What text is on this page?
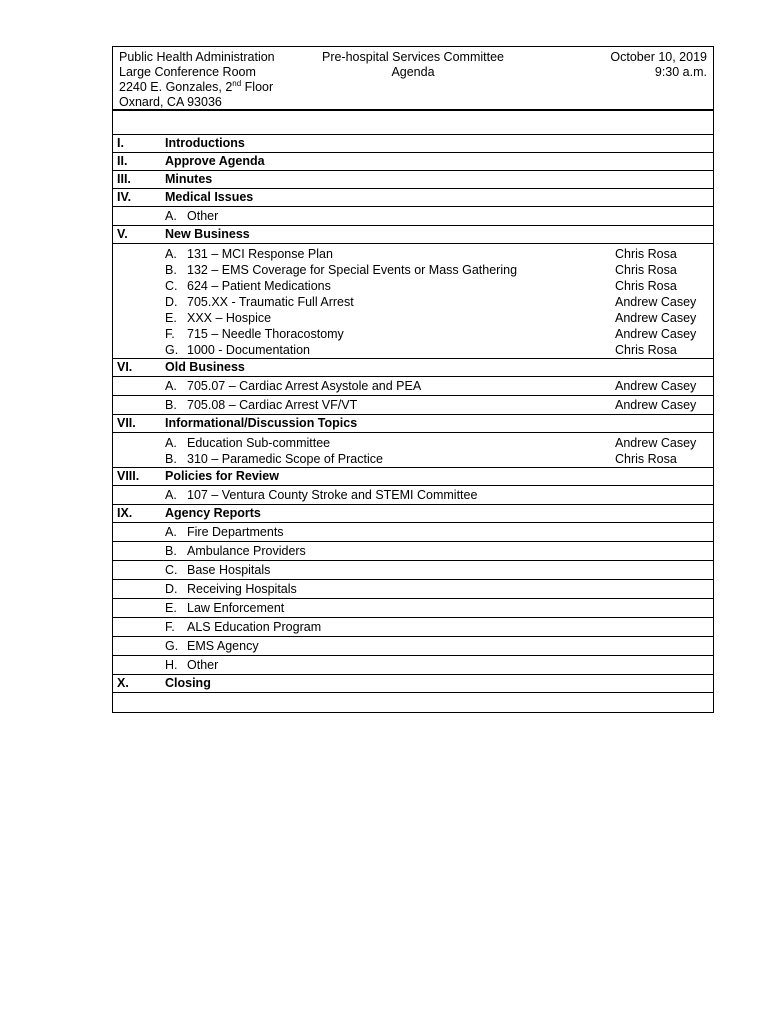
Public Health Administration
Large Conference Room
2240 E. Gonzales, 2nd Floor
Oxnard, CA 93036
Pre-hospital Services Committee
Agenda
October 10, 2019
9:30 a.m.
I.	Introductions
II.	Approve Agenda
III.	Minutes
IV.	Medical Issues
A. Other
V.	New Business
A. 131 – MCI Response Plan	Chris Rosa
B. 132 – EMS Coverage for Special Events or Mass Gathering	Chris Rosa
C. 624 – Patient Medications	Chris Rosa
D. 705.XX - Traumatic Full Arrest	Andrew Casey
E. XXX – Hospice	Andrew Casey
F. 715 – Needle Thoracostomy	Andrew Casey
G. 1000 - Documentation	Chris Rosa
VI.	Old Business
A. 705.07 – Cardiac Arrest Asystole and PEA	Andrew Casey
B. 705.08 – Cardiac Arrest VF/VT	Andrew Casey
VII.	Informational/Discussion Topics
A. Education Sub-committee	Andrew Casey
B. 310 – Paramedic Scope of Practice	Chris Rosa
VIII.	Policies for Review
A. 107 – Ventura County Stroke and STEMI Committee
IX.	Agency Reports
A. Fire Departments
B. Ambulance Providers
C. Base Hospitals
D. Receiving Hospitals
E. Law Enforcement
F. ALS Education Program
G. EMS Agency
H. Other
X.	Closing
